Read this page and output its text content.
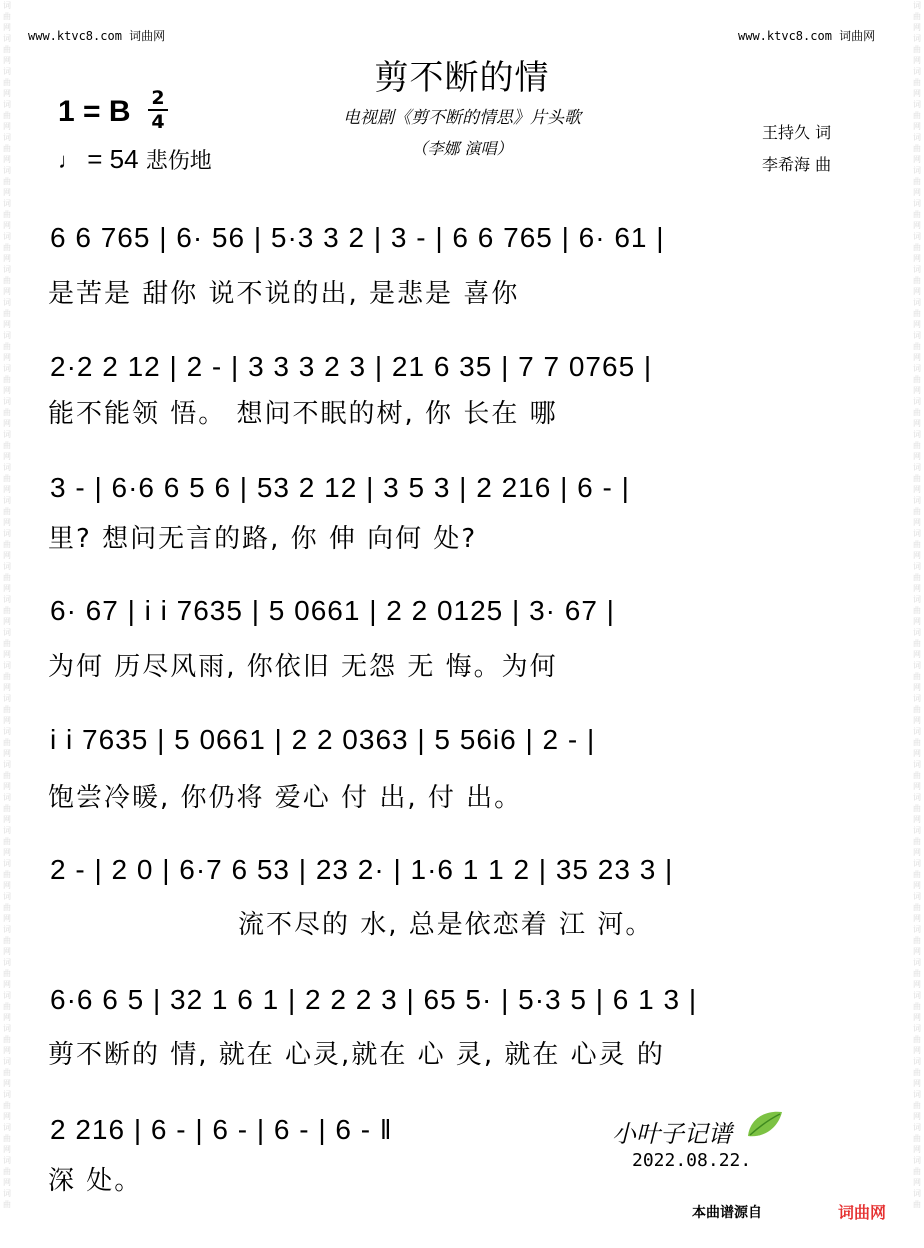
词
曲
网
词
曲
网
词
曲
网
词
曲
网
词
曲
网
词
曲
网
词
曲
网
词
曲
网
词
曲
网
词
曲
网
词
曲
网
词
曲
网
词
曲
网
词
曲
网
词
曲
网
词
曲
网
词
曲
网
词
曲
网
词
曲
网
词
曲
网
词
曲
网
词
曲
网
词
曲
网
词
曲
网
词
曲
网
词
曲
网
词
曲
网
词
曲
网
词
曲
网
词
曲
网
词
曲
网
词
曲
网
词
曲
网
词
曲
网
词
曲
网
词
曲
网
词
曲
词
曲
网
词
曲
网
词
曲
网
词
曲
网
词
曲
网
词
曲
网
词
曲
网
词
曲
网
词
曲
网
词
曲
网
词
曲
网
词
曲
网
词
曲
网
词
曲
网
词
曲
网
词
曲
网
词
曲
网
词
曲
网
词
曲
网
词
曲
网
词
曲
网
词
曲
网
词
曲
网
词
曲
网
词
曲
网
词
曲
网
词
曲
网
词
曲
网
词
曲
网
词
曲
网
词
曲
网
词
曲
网
词
曲
网
词
曲
网
词
曲
网
词
曲
网
词
曲
www.ktvc8.com 词曲网	www.ktvc8.com 词曲网
剪不断的情
电视剧《剪不断的情思》片头歌
（李娜 演唱）
1 = B 2
4
♩ = 54 悲伤地
王持久 词
李希海 曲
6 6 765 | 6· 56 | 5·3 3 2 | 3 - | 6 6 765 | 6· 61 |
是苦是 甜你 说不说的出, 是悲是 喜你
2·2 2 12 | 2 - | 3 3 3 2 3 | 21 6 35 | 7 7 0765 |
能不能领 悟。 想问不眠的树, 你 长在 哪
3 - | 6·6 6 5 6 | 53 2 12 | 3 5 3 | 2 216 | 6 - |
里? 想问无言的路, 你 伸 向何 处?
6· 67 | i i 7635 | 5 0661 | 2 2 0125 | 3· 67 |
为何 历尽风雨, 你依旧 无怨 无 悔。为何
i i 7635 | 5 0661 | 2 2 0363 | 5 56i6 | 2 - |
饱尝冷暖, 你仍将 爱心 付 出, 付 出。
2 - | 2 0 | 6·7 6 53 | 23 2· | 1·6 1 1 2 | 35 23 3 |
流不尽的 水, 总是依恋着 江 河。
6·6 6 5 | 32 1 6 1 | 2 2 2 3 | 65 5· | 5·3 5 | 6 1 3 |
剪不断的 情, 就在 心灵,就在 心 灵, 就在 心灵 的
2 216 | 6 - | 6 - | 6 - | 6 - ‖
深 处。
小叶子记谱
2022.08.22.
本曲谱源自	词曲网
